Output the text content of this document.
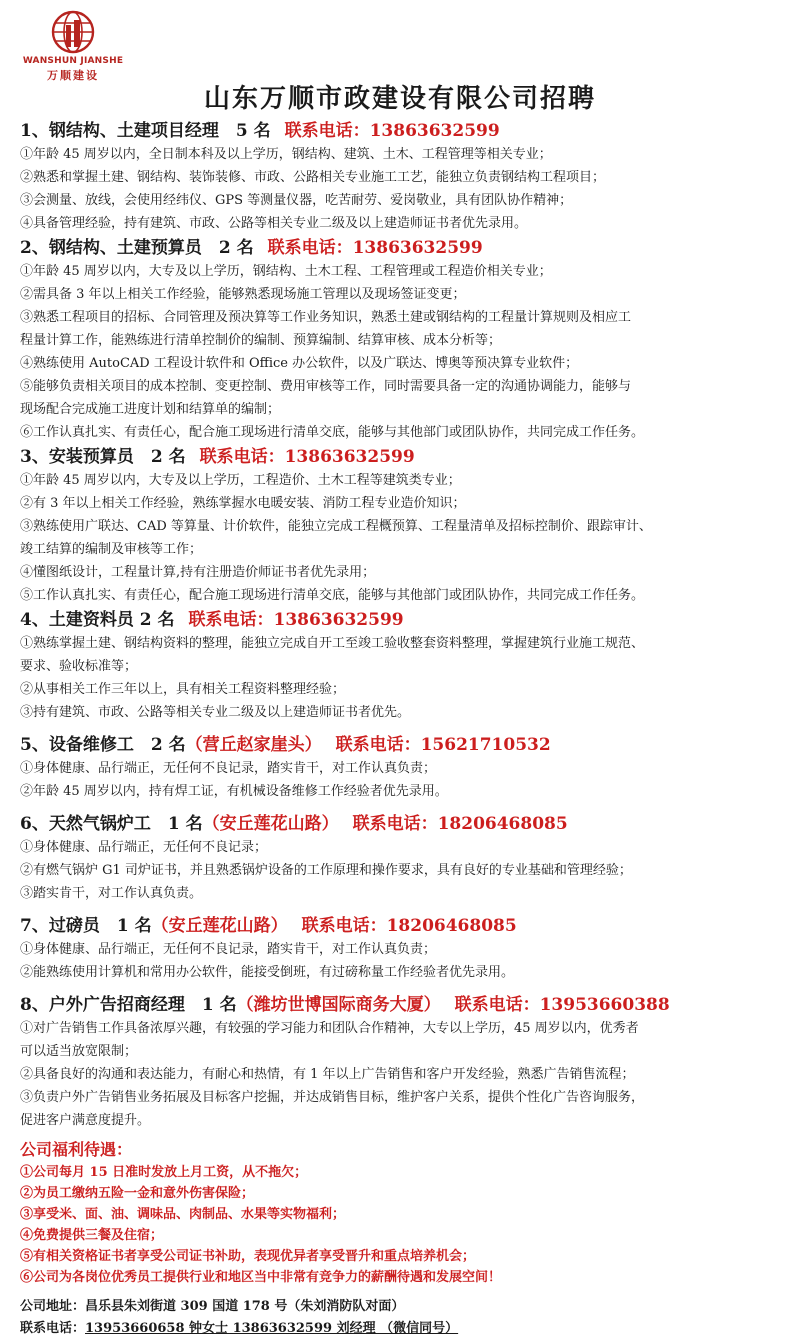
WANSHUN JIANSHE
万顺建设
山东万顺市政建设有限公司招聘
1、钢结构、土建项目经理　5 名 联系电话：13863632599
①年龄 45 周岁以内，全日制本科及以上学历，钢结构、建筑、土木、工程管理等相关专业；
②熟悉和掌握土建、钢结构、装饰装修、市政、公路相关专业施工工艺，能独立负责钢结构工程项目；
③会测量、放线，会使用经纬仪、GPS 等测量仪器，吃苦耐劳、爱岗敬业，具有团队协作精神；
④具备管理经验，持有建筑、市政、公路等相关专业二级及以上建造师证书者优先录用。
2、钢结构、土建预算员　2 名 联系电话：13863632599
①年龄 45 周岁以内，大专及以上学历，钢结构、土木工程、工程管理或工程造价相关专业；
②需具备 3 年以上相关工作经验，能够熟悉现场施工管理以及现场签证变更；
③熟悉工程项目的招标、合同管理及预决算等工作业务知识，熟悉土建或钢结构的工程量计算规则及相应工
程量计算工作，能熟练进行清单控制价的编制、预算编制、结算审核、成本分析等；
④熟练使用 AutoCAD 工程设计软件和 Office 办公软件，以及广联达、博奥等预决算专业软件；
⑤能够负责相关项目的成本控制、变更控制、费用审核等工作，同时需要具备一定的沟通协调能力，能够与
现场配合完成施工进度计划和结算单的编制；
⑥工作认真扎实、有责任心，配合施工现场进行清单交底，能够与其他部门或团队协作，共同完成工作任务。
3、安装预算员　2 名 联系电话：13863632599
①年龄 45 周岁以内，大专及以上学历，工程造价、土木工程等建筑类专业；
②有 3 年以上相关工作经验，熟练掌握水电暖安装、消防工程专业造价知识；
③熟练使用广联达、CAD 等算量、计价软件，能独立完成工程概预算、工程量清单及招标控制价、跟踪审计、
竣工结算的编制及审核等工作；
④懂图纸设计，工程量计算,持有注册造价师证书者优先录用；
⑤工作认真扎实、有责任心，配合施工现场进行清单交底，能够与其他部门或团队协作，共同完成工作任务。
4、土建资料员 2 名 联系电话：13863632599
①熟练掌握土建、钢结构资料的整理，能独立完成自开工至竣工验收整套资料整理，掌握建筑行业施工规范、
要求、验收标准等；
②从事相关工作三年以上，具有相关工程资料整理经验；
③持有建筑、市政、公路等相关专业二级及以上建造师证书者优先。
5、设备维修工　2 名（营丘赵家崖头） 联系电话：15621710532
①身体健康、品行端正，无任何不良记录，踏实肯干，对工作认真负责；
②年龄 45 周岁以内，持有焊工证，有机械设备维修工作经验者优先录用。
6、天然气锅炉工　1 名（安丘莲花山路） 联系电话：18206468085
①身体健康、品行端正，无任何不良记录；
②有燃气锅炉 G1 司炉证书，并且熟悉锅炉设备的工作原理和操作要求，具有良好的专业基础和管理经验；
③踏实肯干，对工作认真负责。
7、过磅员　1 名（安丘莲花山路） 联系电话：18206468085
①身体健康、品行端正，无任何不良记录，踏实肯干，对工作认真负责；
②能熟练使用计算机和常用办公软件，能接受倒班，有过磅称量工作经验者优先录用。
8、户外广告招商经理　1 名（潍坊世博国际商务大厦） 联系电话：13953660388
①对广告销售工作具备浓厚兴趣，有较强的学习能力和团队合作精神，大专以上学历，45 周岁以内，优秀者
可以适当放宽限制；
②具备良好的沟通和表达能力，有耐心和热情，有 1 年以上广告销售和客户开发经验，熟悉广告销售流程；
③负责户外广告销售业务拓展及目标客户挖掘，并达成销售目标，维护客户关系，提供个性化广告咨询服务，
促进客户满意度提升。
公司福利待遇：
①公司每月 15 日准时发放上月工资，从不拖欠；
②为员工缴纳五险一金和意外伤害保险；
③享受米、面、油、调味品、肉制品、水果等实物福利；
④免费提供三餐及住宿；
⑤有相关资格证书者享受公司证书补助，表现优异者享受晋升和重点培养机会；
⑥公司为各岗位优秀员工提供行业和地区当中非常有竞争力的薪酬待遇和发展空间！
公司地址：昌乐县朱刘街道 309 国道 178 号（朱刘消防队对面）
联系电话：13953660658 钟女士 13863632599 刘经理 （微信同号）
